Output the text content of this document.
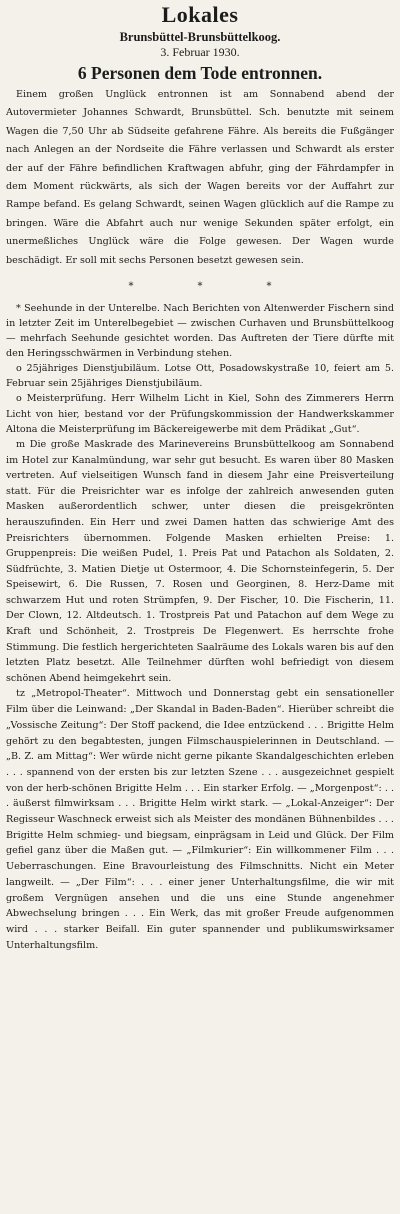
Lokales
Brunsbüttel-Brunsbüttelkoog.
3. Februar 1930.
6 Personen dem Tode entronnen.

Einem großen Unglück entronnen ist am Sonnabend abend der Autovermieter Johannes Schwardt, Brunsbüttel. Sch. benutzte mit seinem Wagen die 7,50 Uhr ab Südseite gefahrene Fähre. Als bereits die Fußgänger nach Anlegen an der Nordseite die Fähre verlassen und Schwardt als erster der auf der Fähre befindlichen Kraftwagen abfuhr, ging der Fährdampfer in dem Moment rückwärts, als sich der Wagen bereits vor der Auffahrt zur Rampe befand. Es gelang Schwardt, seinen Wagen glücklich auf die Rampe zu bringen. Wäre die Abfahrt auch nur wenige Sekunden später erfolgt, ein unermeßliches Unglück wäre die Folge gewesen. Der Wagen wurde beschädigt. Er soll mit sechs Personen besetzt gewesen sein.

*	*	*

* Seehunde in der Unterelbe. Nach Berichten von Altenwerder Fischern sind in letzter Zeit im Unterelbegebiet — zwischen Curhaven und Brunsbüttelkoog — mehrfach Seehunde gesichtet worden. Das Auftreten der Tiere dürfte mit den Heringsschwärmen in Verbindung stehen.

o 25jähriges Dienstjubiläum. Lotse Ott, Posadowskystraße 10, feiert am 5. Februar sein 25jähriges Dienstjubiläum.

o Meisterprüfung. Herr Wilhelm Licht in Kiel, Sohn des Zimmerers Herrn Licht von hier, bestand vor der Prüfungskommission der Handwerkskammer Altona die Meisterprüfung im Bäckereigewerbe mit dem Prädikat „Gut“.

m Die große Maskrade des Marinevereins Brunsbüttelkoog am Sonnabend im Hotel zur Kanalmündung, war sehr gut besucht. Es waren über 80 Masken vertreten. Auf vielseitigen Wunsch fand in diesem Jahr eine Preisverteilung statt. Für die Preisrichter war es infolge der zahlreich anwesenden guten Masken außerordentlich schwer, unter diesen die preisgekrönten herauszufinden. Ein Herr und zwei Damen hatten das schwierige Amt des Preisrichters übernommen. Folgende Masken erhielten Preise: 1. Gruppenpreis: Die weißen Pudel, 1. Preis Pat und Patachon als Soldaten, 2. Südfrüchte, 3. Matien Dietje ut Ostermoor, 4. Die Schornsteinfegerin, 5. Der Speisewirt, 6. Die Russen, 7. Rosen und Georginen, 8. Herz-Dame mit schwarzem Hut und roten Strümpfen, 9. Der Fischer, 10. Die Fischerin, 11. Der Clown, 12. Altdeutsch. 1. Trostpreis Pat und Patachon auf dem Wege zu Kraft und Schönheit, 2. Trostpreis De Flegenwert. Es herrschte frohe Stimmung. Die festlich hergerichteten Saalräume des Lokals waren bis auf den letzten Platz besetzt. Alle Teilnehmer dürften wohl befriedigt von diesem schönen Abend heimgekehrt sein.

tz „Metropol-Theater“. Mittwoch und Donnerstag gebt ein sensationeller Film über die Leinwand: „Der Skandal in Baden-Baden“. Hierüber schreibt die „Vossische Zeitung“: Der Stoff packend, die Idee entzückend . . . Brigitte Helm gehört zu den begabtesten, jungen Filmschauspielerinnen in Deutschland. — „B. Z. am Mittag“: Wer würde nicht gerne pikante Skandalgeschichten erleben . . . spannend von der ersten bis zur letzten Szene . . . ausgezeichnet gespielt von der herb-schönen Brigitte Helm . . . Ein starker Erfolg. — „Morgenpost“: . . . äußerst filmwirksam . . . Brigitte Helm wirkt stark. — „Lokal-Anzeiger“: Der Regisseur Waschneck erweist sich als Meister des mondänen Bühnenbildes . . . Brigitte Helm schmieg- und biegsam, einprägsam in Leid und Glück. Der Film gefiel ganz über die Maßen gut. — „Filmkurier“: Ein willkommener Film . . . Ueberraschungen. Eine Bravourleistung des Filmschnitts. Nicht ein Meter langweilt. — „Der Film“: . . . einer jener Unterhaltungsfilme, die wir mit großem Vergnügen ansehen und die uns eine Stunde angenehmer Abwechselung bringen . . . Ein Werk, das mit großer Freude aufgenommen wird . . . starker Beifall. Ein guter spannender und publikumswirksamer Unterhaltungsfilm.
